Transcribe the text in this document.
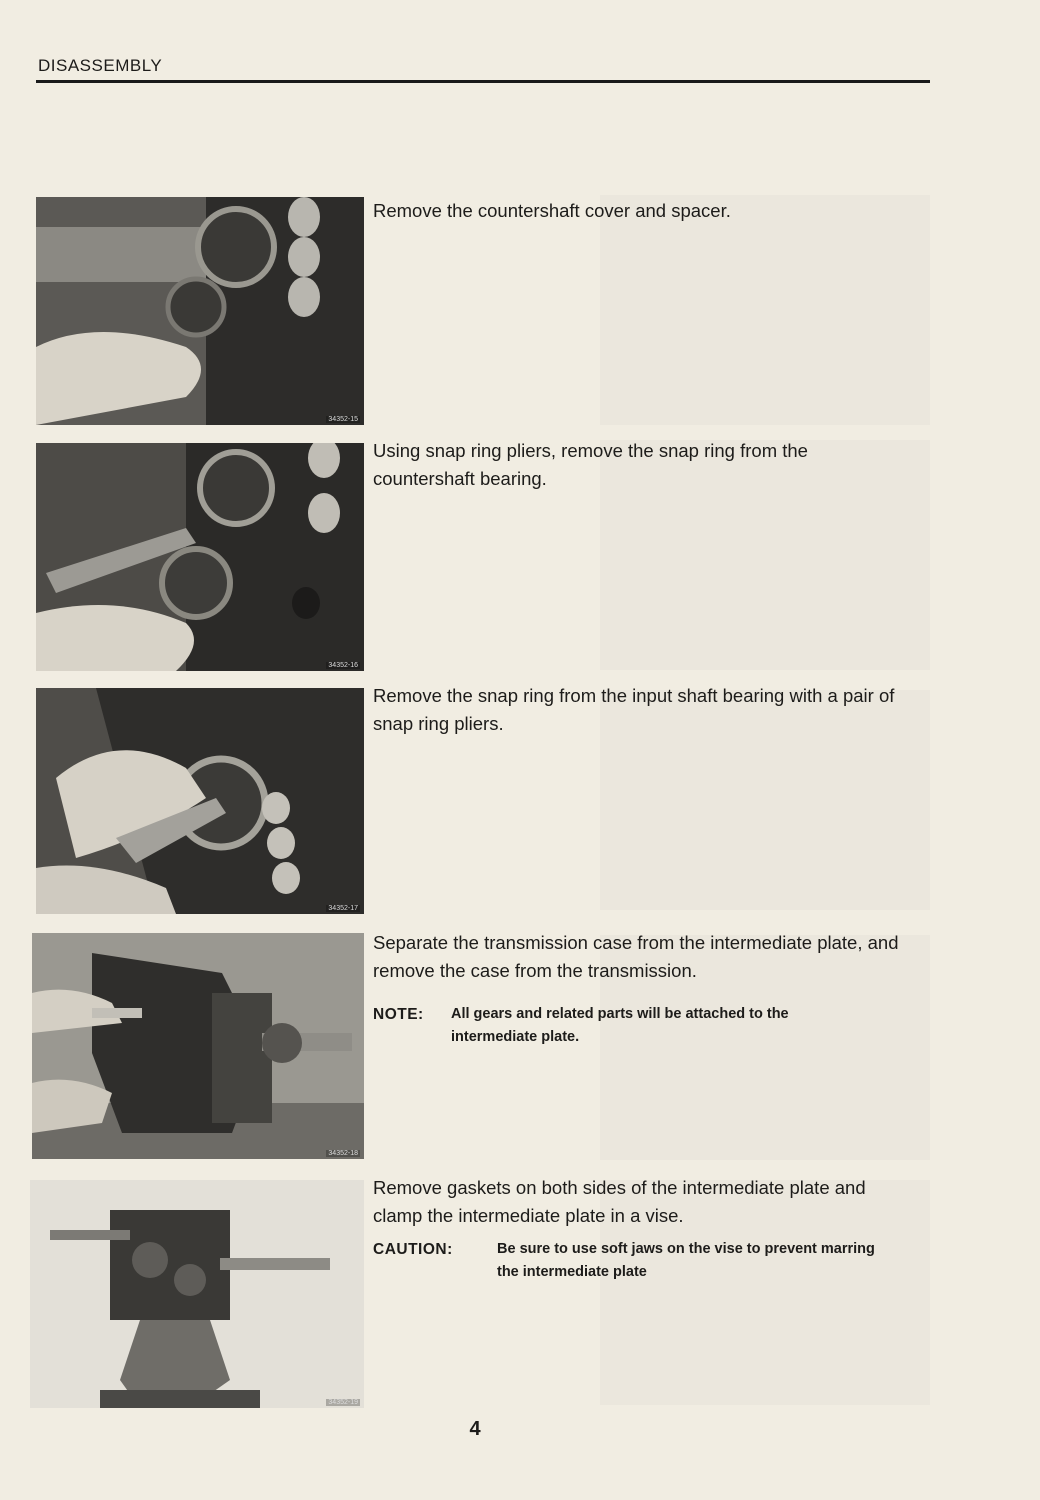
DISASSEMBLY
34352-15
Remove the countershaft cover and spacer.
34352-16
Using snap ring pliers, remove the snap ring from the countershaft bearing.
34352-17
Remove the snap ring from the input shaft bearing with a pair of snap ring pliers.
34352-18
Separate the transmission case from the intermediate plate, and remove the case from the transmission.
NOTE:	All gears and related parts will be attached to the intermediate plate.
34352-19
Remove gaskets on both sides of the intermediate plate and clamp the intermediate plate in a vise.
CAUTION:	Be sure to use soft jaws on the vise to prevent marring the intermediate plate
4
